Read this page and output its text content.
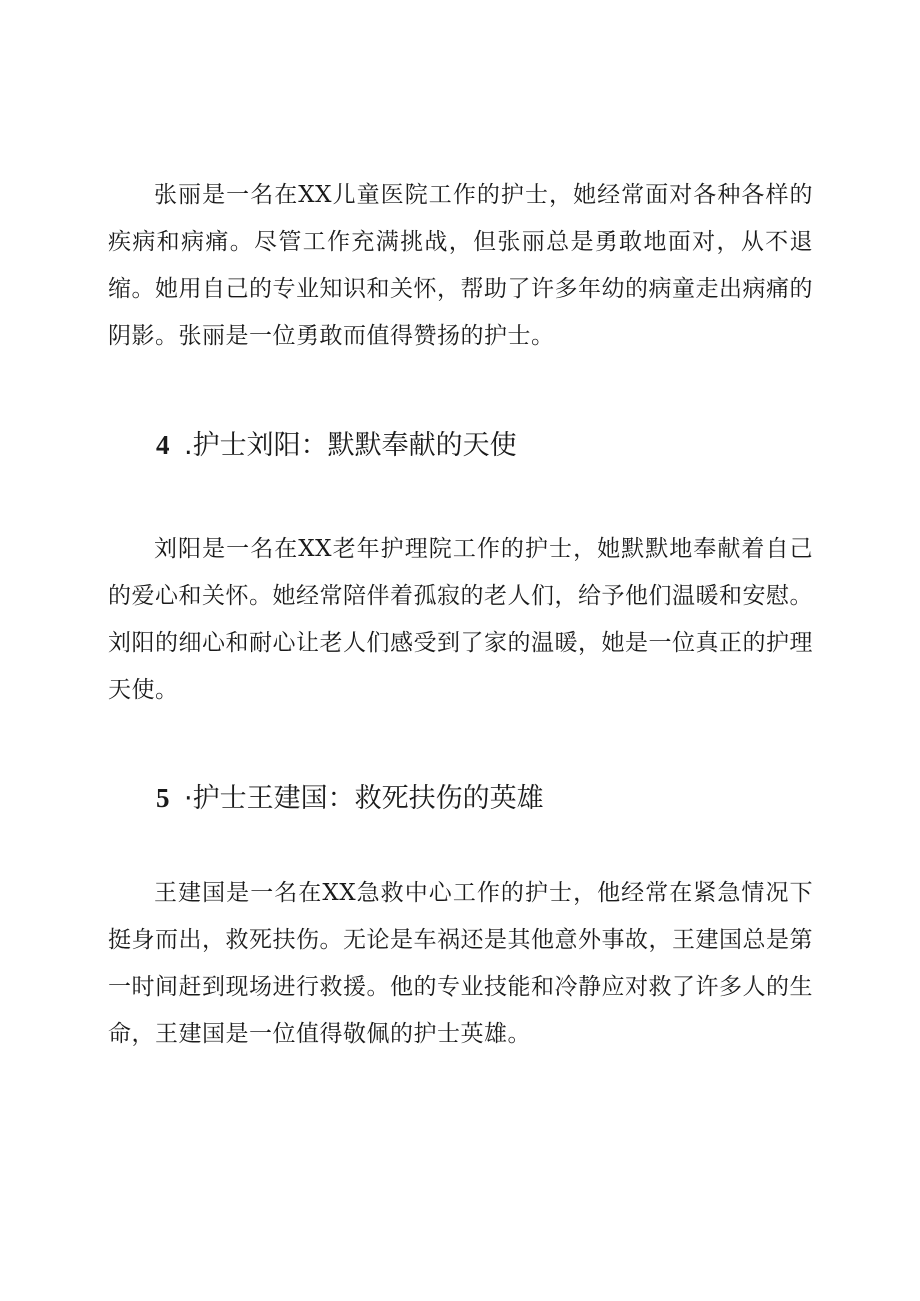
张丽是一名在XX儿童医院工作的护士，她经常面对各种各样的疾病和病痛。尽管工作充满挑战，但张丽总是勇敢地面对，从不退缩。她用自己的专业知识和关怀，帮助了许多年幼的病童走出病痛的阴影。张丽是一位勇敢而值得赞扬的护士。

4 .护士刘阳：默默奉献的天使

刘阳是一名在XX老年护理院工作的护士，她默默地奉献着自己的爱心和关怀。她经常陪伴着孤寂的老人们，给予他们温暖和安慰。刘阳的细心和耐心让老人们感受到了家的温暖，她是一位真正的护理天使。

5 ·护士王建国：救死扶伤的英雄

王建国是一名在XX急救中心工作的护士，他经常在紧急情况下挺身而出，救死扶伤。无论是车祸还是其他意外事故，王建国总是第一时间赶到现场进行救援。他的专业技能和冷静应对救了许多人的生命，王建国是一位值得敬佩的护士英雄。
